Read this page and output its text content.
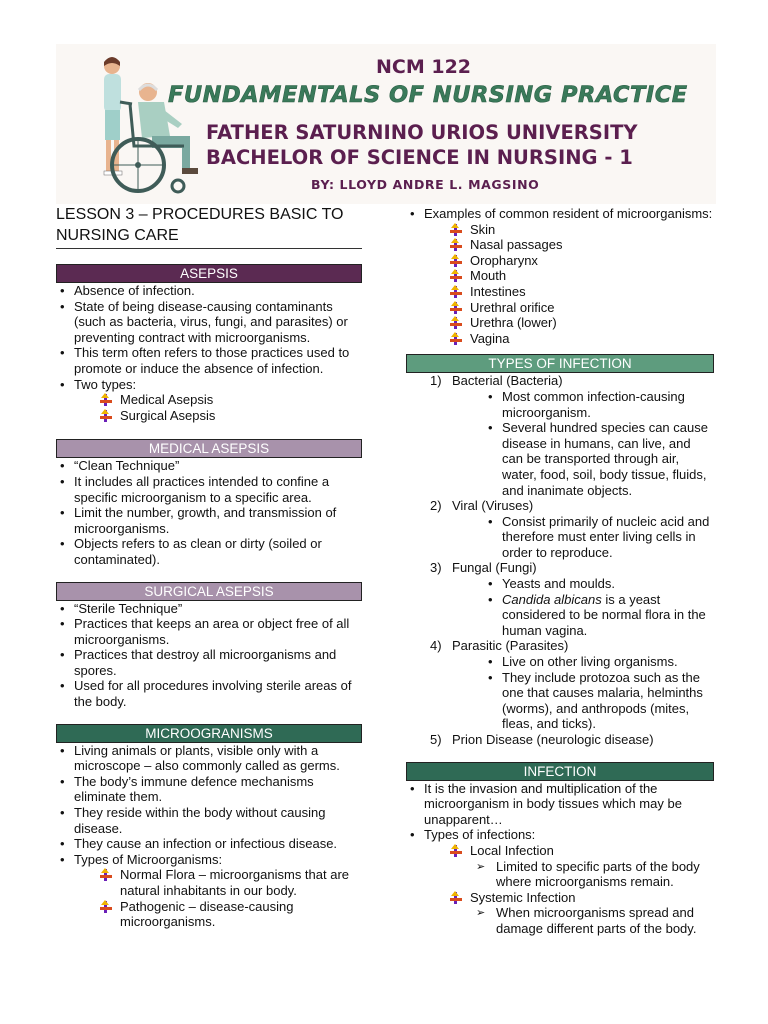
NCM 122
FUNDAMENTALS OF NURSING PRACTICE
FATHER SATURNINO URIOS UNIVERSITY
BACHELOR OF SCIENCE IN NURSING - 1
BY: LLOYD ANDRE L. MAGSINO
LESSON 3 – PROCEDURES BASIC TO NURSING CARE
ASEPSIS
• Absence of infection.
• State of being disease-causing contaminants (such as bacteria, virus, fungi, and parasites) or preventing contract with microorganisms.
• This term often refers to those practices used to promote or induce the absence of infection.
• Two types:
Medical Asepsis
Surgical Asepsis
MEDICAL ASEPSIS
• “Clean Technique”
• It includes all practices intended to confine a specific microorganism to a specific area.
• Limit the number, growth, and transmission of microorganisms.
• Objects refers to as clean or dirty (soiled or contaminated).
SURGICAL ASEPSIS
• “Sterile Technique”
• Practices that keeps an area or object free of all microorganisms.
• Practices that destroy all microorganisms and spores.
• Used for all procedures involving sterile areas of the body.
MICROOGRANISMS
• Living animals or plants, visible only with a microscope – also commonly called as germs.
• The body’s immune defence mechanisms eliminate them.
• They reside within the body without causing disease.
• They cause an infection or infectious disease.
• Types of Microorganisms:
Normal Flora – microorganisms that are natural inhabitants in our body.
Pathogenic – disease-causing microorganisms.
• Examples of common resident of microorganisms:
Skin
Nasal passages
Oropharynx
Mouth
Intestines
Urethral orifice
Urethra (lower)
Vagina
TYPES OF INFECTION
1) Bacterial (Bacteria)
• Most common infection-causing microorganism.
• Several hundred species can cause disease in humans, can live, and can be transported through air, water, food, soil, body tissue, fluids, and inanimate objects.
2) Viral (Viruses)
• Consist primarily of nucleic acid and therefore must enter living cells in order to reproduce.
3) Fungal (Fungi)
• Yeasts and moulds.
• Candida albicans is a yeast considered to be normal flora in the human vagina.
4) Parasitic (Parasites)
• Live on other living organisms.
• They include protozoa such as the one that causes malaria, helminths (worms), and anthropods (mites, fleas, and ticks).
5) Prion Disease (neurologic disease)
INFECTION
• It is the invasion and multiplication of the microorganism in body tissues which may be unapparent…
• Types of infections:
Local Infection
➢ Limited to specific parts of the body where microorganisms remain.
Systemic Infection
➢ When microorganisms spread and damage different parts of the body.
